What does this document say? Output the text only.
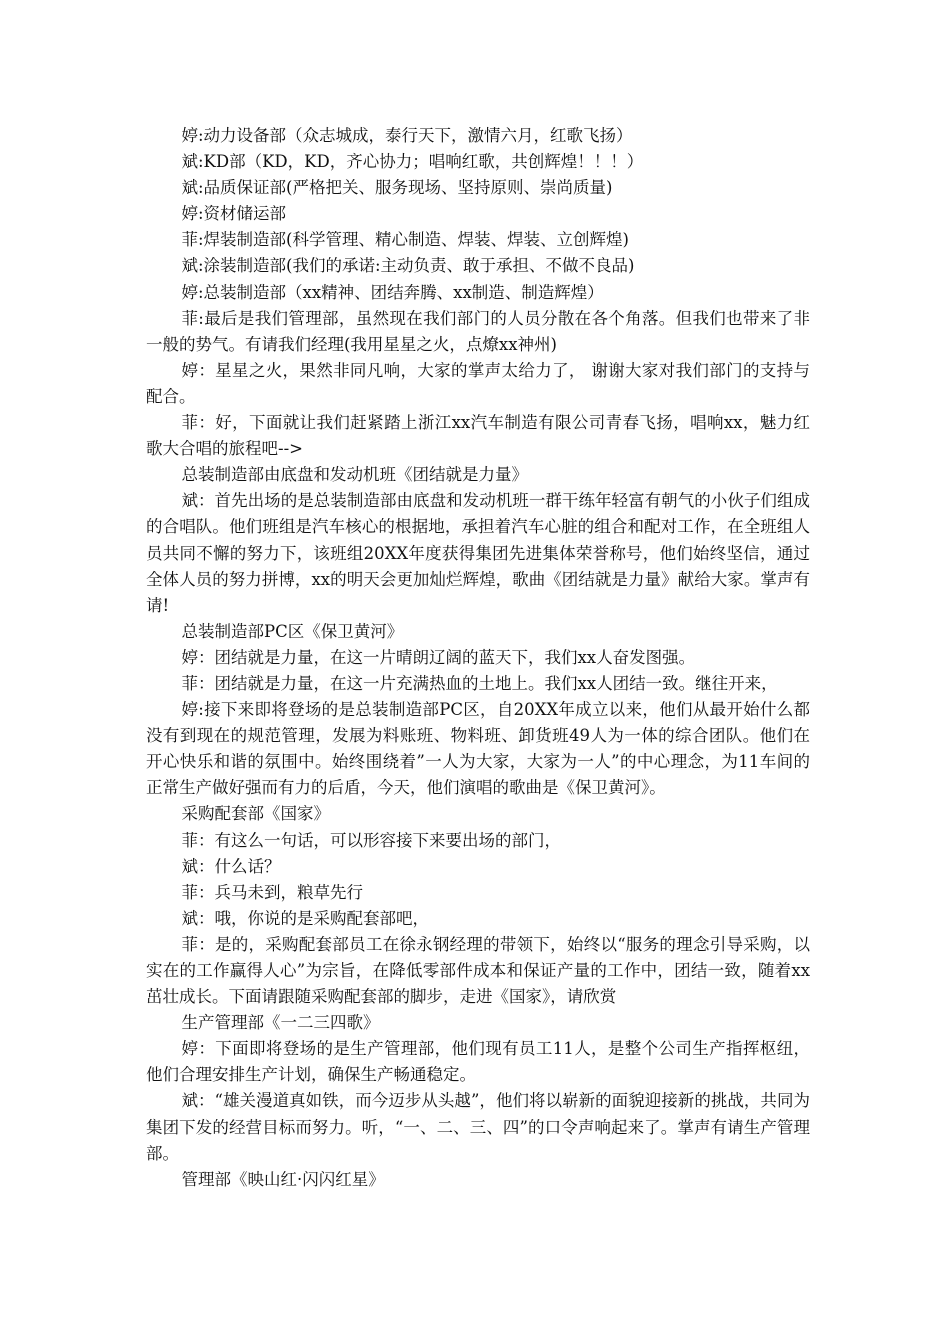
婷:动力设备部（众志城成，泰行天下，激情六月，红歌飞扬）

斌:KD部（KD，KD，齐心协力；唱响红歌，共创辉煌！！！）

斌:品质保证部(严格把关、服务现场、坚持原则、崇尚质量)

婷:资材储运部

菲:焊装制造部(科学管理、精心制造、焊装、焊装、立创辉煌)

斌:涂装制造部(我们的承诺:主动负责、敢于承担、不做不良品)

婷:总装制造部（xx精神、团结奔腾、xx制造、制造辉煌）

菲:最后是我们管理部，虽然现在我们部门的人员分散在各个角落。但我们也带来了非一般的势气。有请我们经理(我用星星之火，点燎xx神州)

婷：星星之火，果然非同凡响，大家的掌声太给力了， 谢谢大家对我们部门的支持与配合。

菲：好，下面就让我们赶紧踏上浙江xx汽车制造有限公司青春飞扬，唱响xx，魅力红歌大合唱的旅程吧-->

总装制造部由底盘和发动机班《团结就是力量》

斌：首先出场的是总装制造部由底盘和发动机班一群干练年轻富有朝气的小伙子们组成的合唱队。他们班组是汽车核心的根据地，承担着汽车心脏的组合和配对工作，在全班组人员共同不懈的努力下，该班组20XX年度获得集团先进集体荣誉称号，他们始终坚信，通过全体人员的努力拼博，xx的明天会更加灿烂辉煌，歌曲《团结就是力量》献给大家。掌声有请!

总装制造部PC区《保卫黄河》

婷：团结就是力量，在这一片晴朗辽阔的蓝天下，我们xx人奋发图强。

菲：团结就是力量，在这一片充满热血的土地上。我们xx人团结一致。继往开来，

婷:接下来即将登场的是总装制造部PC区，自20XX年成立以来，他们从最开始什么都没有到现在的规范管理，发展为料账班、物料班、卸货班49人为一体的综合团队。他们在开心快乐和谐的氛围中。始终围绕着”一人为大家，大家为一人”的中心理念，为11车间的正常生产做好强而有力的后盾，今天，他们演唱的歌曲是《保卫黄河》。

采购配套部《国家》

菲：有这么一句话，可以形容接下来要出场的部门，

斌：什么话？

菲：兵马未到，粮草先行

斌：哦，你说的是采购配套部吧，

菲：是的，采购配套部员工在徐永钢经理的带领下，始终以“服务的理念引导采购，以实在的工作赢得人心”为宗旨，在降低零部件成本和保证产量的工作中，团结一致，随着xx茁壮成长。下面请跟随采购配套部的脚步，走进《国家》，请欣赏

生产管理部《一二三四歌》

婷：下面即将登场的是生产管理部，他们现有员工11人，是整个公司生产指挥枢纽，他们合理安排生产计划，确保生产畅通稳定。

斌：“雄关漫道真如铁，而今迈步从头越”，他们将以崭新的面貌迎接新的挑战，共同为集团下发的经营目标而努力。听，“一、二、三、四”的口令声响起来了。掌声有请生产管理部。

管理部《映山红·闪闪红星》
